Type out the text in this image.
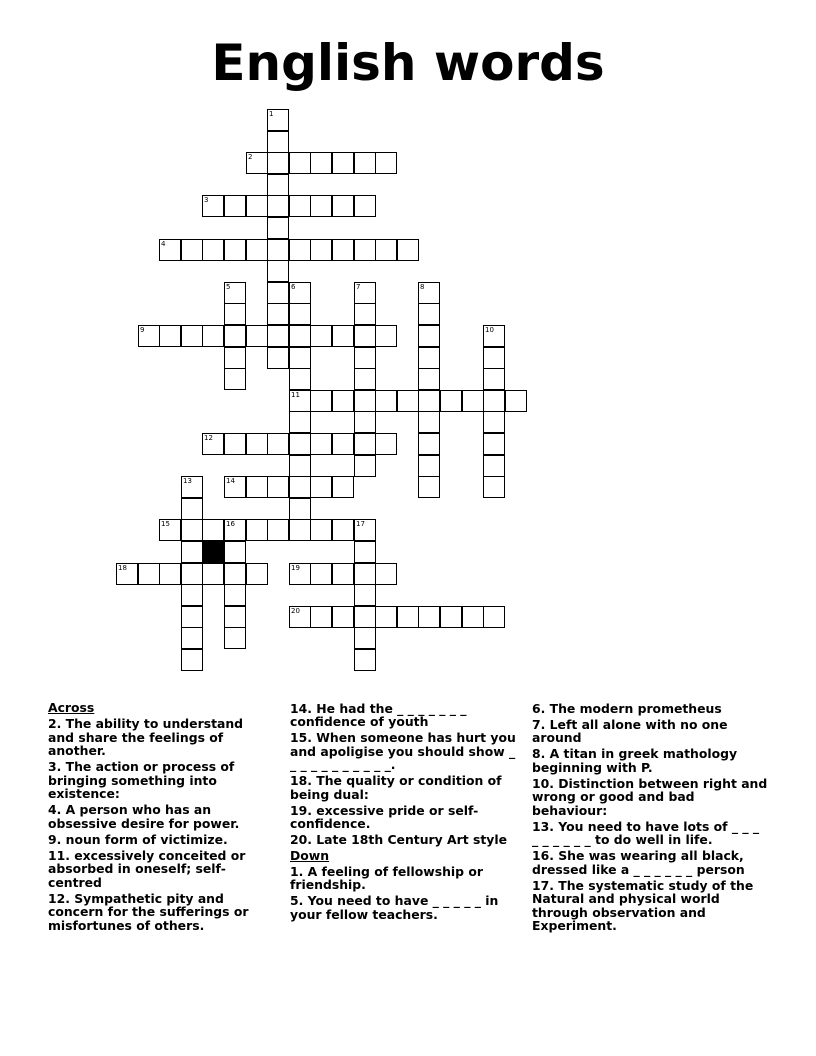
English words
1
2
3
4
5	6	7	8
9	10
11
12
13	14
15	16	17
18	19
20
Across
2. The ability to understand and share the feelings of another.
3. The action or process of bringing something into existence:
4. A person who has an obsessive desire for power.
9. noun form of victimize.
11. excessively conceited or absorbed in oneself; self-centred
12. Sympathetic pity and concern for the sufferings or misfortunes of others.
14. He had the _ _ _ _ _ _ _ confidence of youth
15. When someone has hurt you and apoligise you should show _ _ _ _ _ _ _ _ _ _ _.
18. The quality or condition of being dual:
19. excessive pride or self-confidence.
20. Late 18th Century Art style
Down
1. A feeling of fellowship or friendship.
5. You need to have _ _ _ _ _ in your fellow teachers.
6. The modern prometheus
7. Left all alone with no one around
8. A titan in greek mathology beginning with P.
10. Distinction between right and wrong or good and bad behaviour:
13. You need to have lots of _ _ _ _ _ _ _ _ _ to do well in life.
16. She was wearing all black, dressed like a _ _ _ _ _ _ person
17. The systematic study of the Natural and physical world through observation and Experiment.
